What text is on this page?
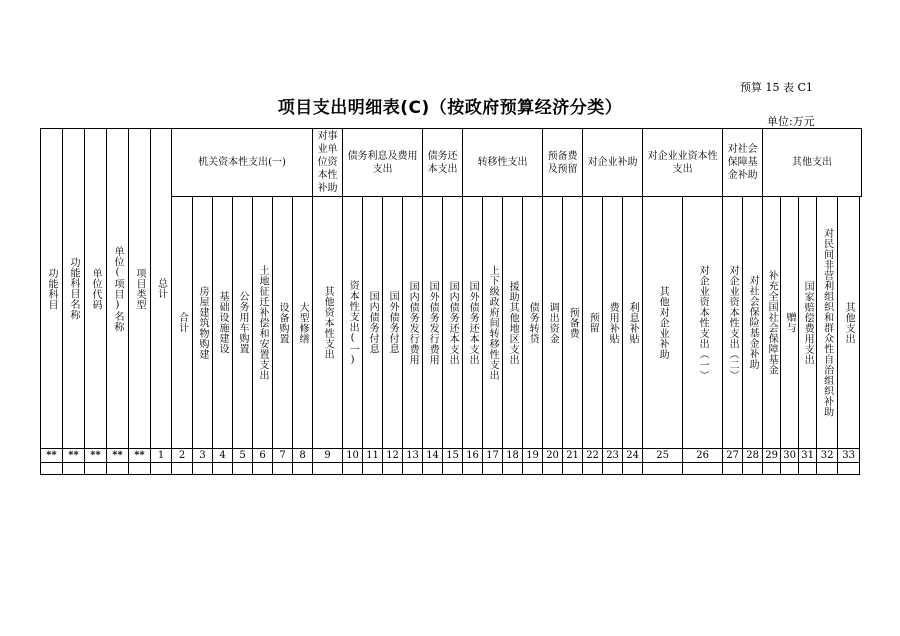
预算 15 表 C1
项目支出明细表(C)（按政府预算经济分类）
单位:万元
功能科目	功能科目名称	单位代码	单位(项目)名称	项目类型	总计	机关资本性支出(一)							对事业单位资本性补助	债务利息及费用支出				债务还本支出		转移性支出				预备费及预留		对企业补助			对企业业资本性支出		对社会保障基金补助		其他支出				
						合计	房屋建筑物购建	基础设施建设	公务用车购置	土地征迁补偿和安置支出	设备购置	大型修缮	其他资本性支出	资本性支出(一)	国内债务付息	国外债务付息	国内债务发行费用	国外债务发行费用	国内债务还本支出	国外债务还本支出	上下级政府间转移性支出	援助其他地区支出	债务转贷	调出资金	预备费	预留	费用补贴	利息补贴	其他对企业补助	对企业资本性支出（一）	对企业资本性支出（二）	对社会保险基金补助	补充全国社会保障基金	赠与	国家赔偿费用支出	对民间非营利组织和群众性自治组织补助	其他支出
**	**	**	**	**	1	2	3	4	5	6	7	8	9	10	11	12	13	14	15	16	17	18	19	20	21	22	23	24	25	26	27	28	29	30	31	32	33
